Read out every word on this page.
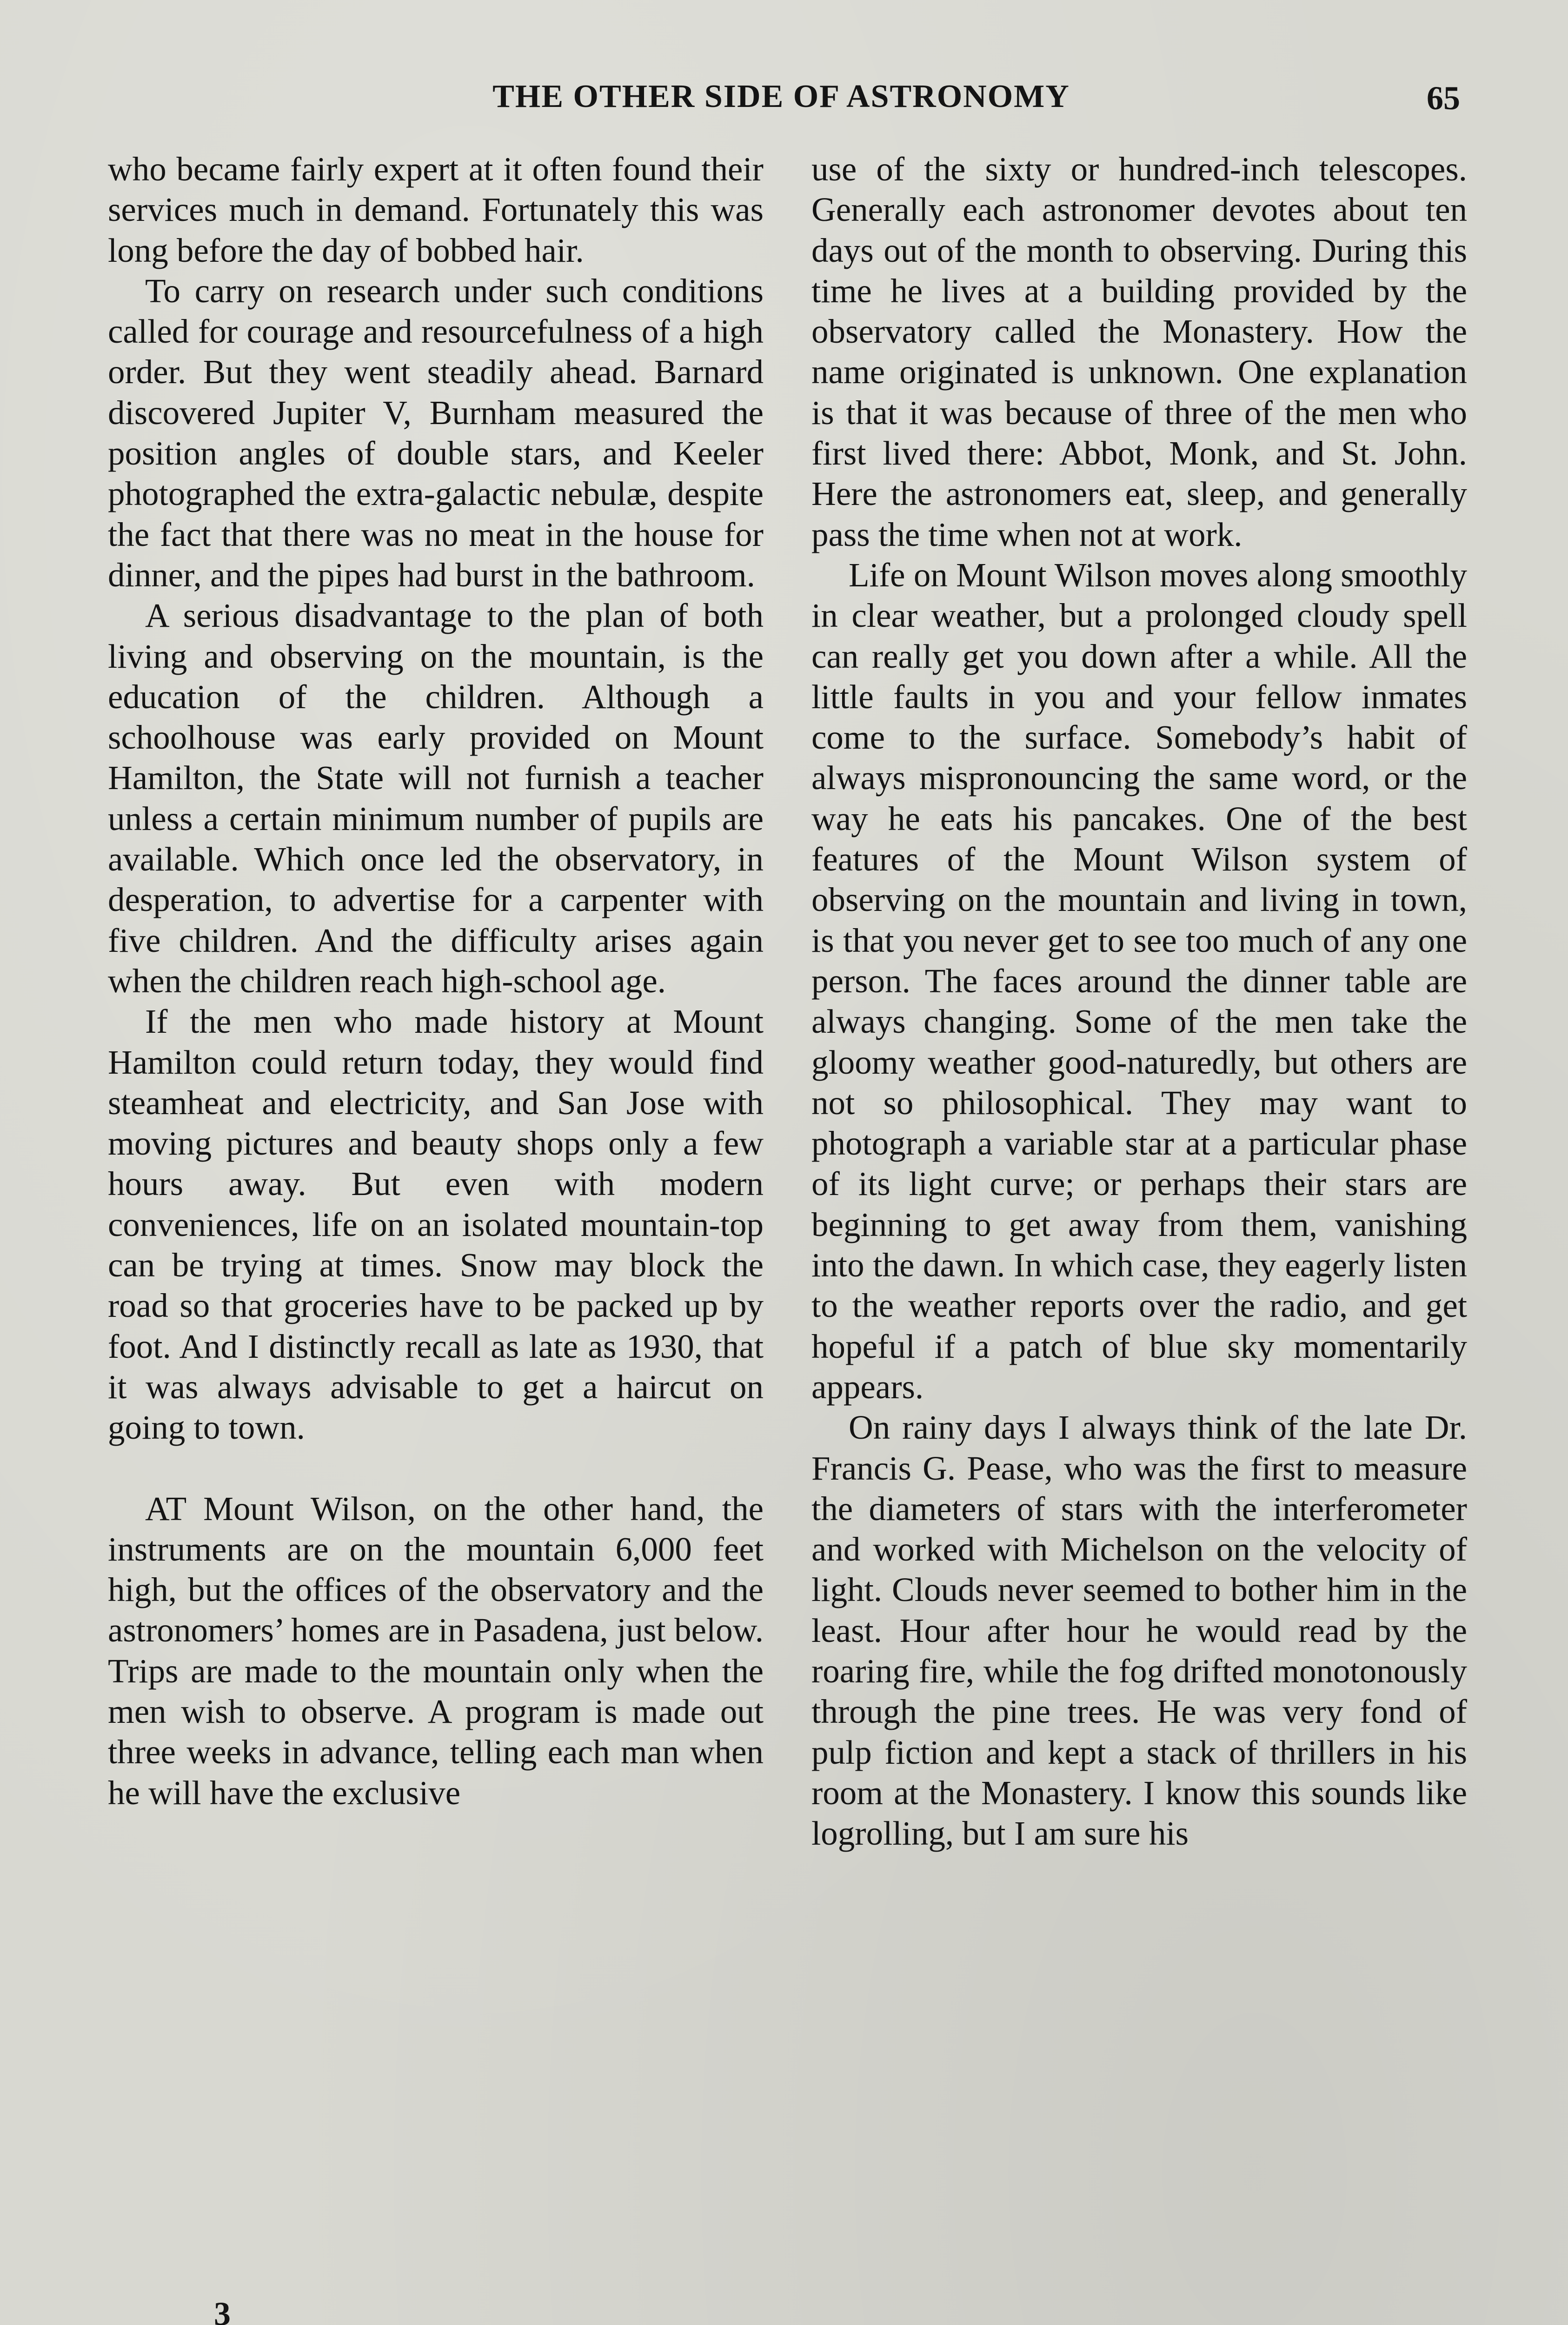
THE OTHER SIDE OF ASTRONOMY	65

who became fairly expert at it often found their services much in demand. Fortunately this was long before the day of bobbed hair.

To carry on research under such conditions called for courage and resourcefulness of a high order. But they went steadily ahead. Barnard discovered Jupiter V, Burnham measured the position angles of double stars, and Keeler photographed the extra-galactic nebulæ, despite the fact that there was no meat in the house for dinner, and the pipes had burst in the bathroom.

A serious disadvantage to the plan of both living and observing on the mountain, is the education of the children. Although a schoolhouse was early provided on Mount Hamilton, the State will not furnish a teacher unless a certain minimum number of pupils are available. Which once led the observatory, in desperation, to advertise for a carpenter with five children. And the difficulty arises again when the children reach high-school age.

If the men who made history at Mount Hamilton could return today, they would find steamheat and electricity, and San Jose with moving pictures and beauty shops only a few hours away. But even with modern conveniences, life on an isolated mountain-top can be trying at times. Snow may block the road so that groceries have to be packed up by foot. And I distinctly recall as late as 1930, that it was always advisable to get a haircut on going to town.

AT Mount Wilson, on the other hand, the instruments are on the mountain 6,000 feet high, but the offices of the observatory and the astronomers’ homes are in Pasadena, just below. Trips are made to the mountain only when the men wish to observe. A program is made out three weeks in advance, telling each man when he will have the exclusive

use of the sixty or hundred-inch telescopes. Generally each astronomer devotes about ten days out of the month to observing. During this time he lives at a building provided by the observatory called the Monastery. How the name originated is unknown. One explanation is that it was because of three of the men who first lived there: Abbot, Monk, and St. John. Here the astronomers eat, sleep, and generally pass the time when not at work.

Life on Mount Wilson moves along smoothly in clear weather, but a prolonged cloudy spell can really get you down after a while. All the little faults in you and your fellow inmates come to the surface. Somebody’s habit of always mispronouncing the same word, or the way he eats his pancakes. One of the best features of the Mount Wilson system of observing on the mountain and living in town, is that you never get to see too much of any one person. The faces around the dinner table are always changing. Some of the men take the gloomy weather good-naturedly, but others are not so philosophical. They may want to photograph a variable star at a particular phase of its light curve; or perhaps their stars are beginning to get away from them, vanishing into the dawn. In which case, they eagerly listen to the weather reports over the radio, and get hopeful if a patch of blue sky momentarily appears.

On rainy days I always think of the late Dr. Francis G. Pease, who was the first to measure the diameters of stars with the interferometer and worked with Michelson on the velocity of light. Clouds never seemed to bother him in the least. Hour after hour he would read by the roaring fire, while the fog drifted monotonously through the pine trees. He was very fond of pulp fiction and kept a stack of thrillers in his room at the Monastery. I know this sounds like logrolling, but I am sure his

3
